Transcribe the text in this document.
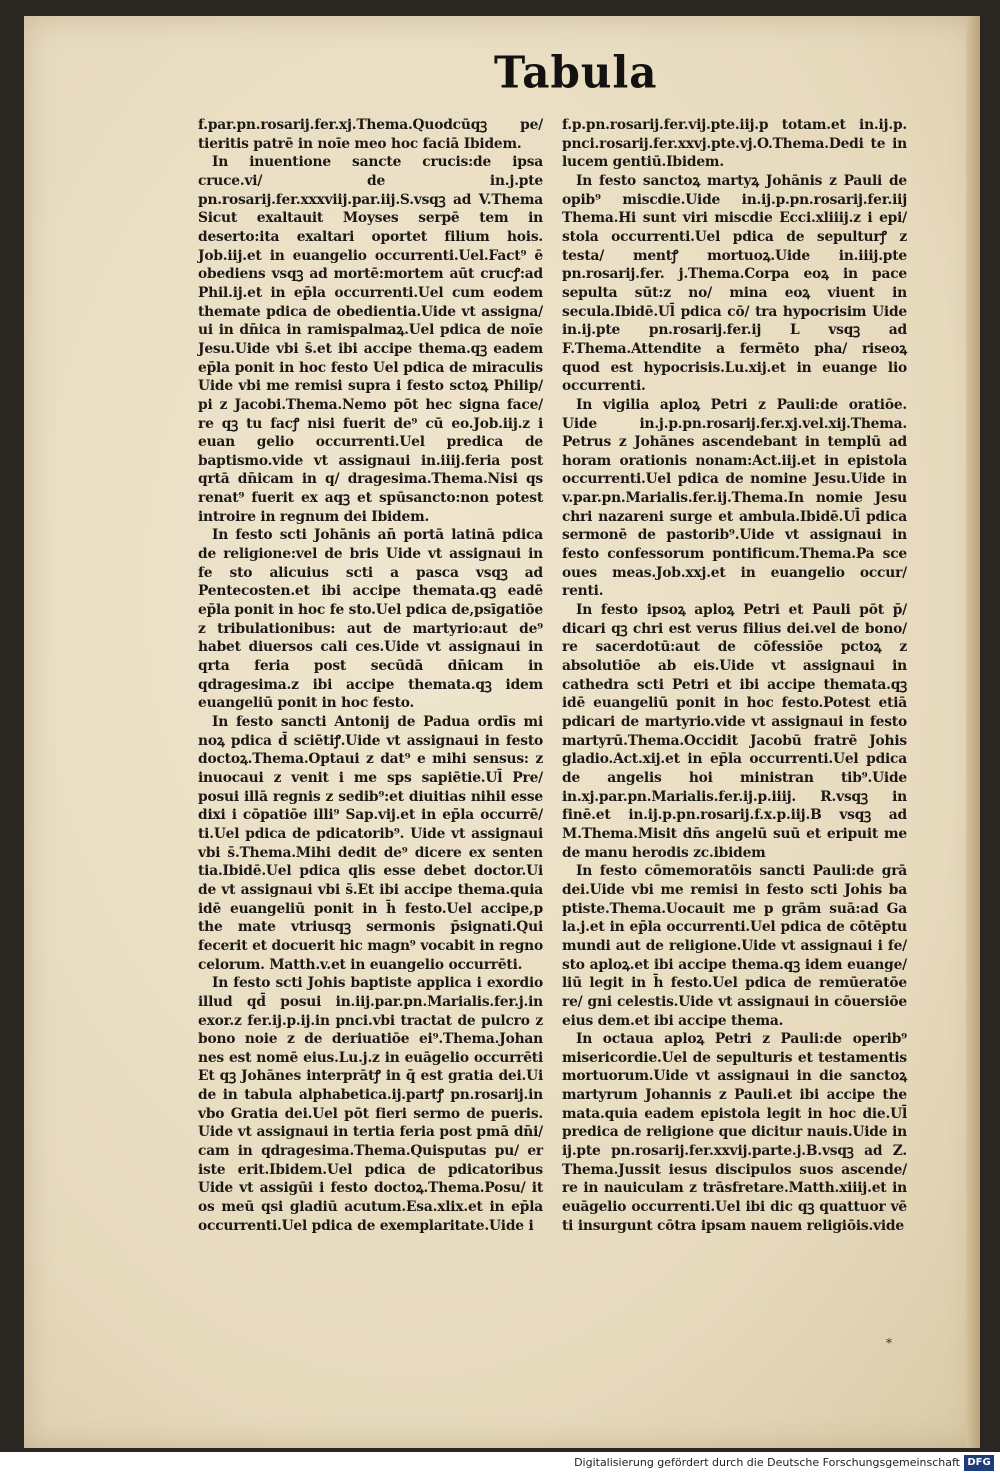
Tabula

f.par.pn.rosarij.fer.xj.Thema.Quodcūqꝫ pe/ tieritis patrē in noīe meo hoc faciā Ibidem.

In inuentione sancte crucis:de ipsa cruce.vi/ de in.j.pte pn.rosarij.fer.xxxviij.par.iij.S.vsqꝫ ad V.Thema Sicut exaltauit Moyses serpē tem in deserto:ita exaltari oportet filium hois. Job.iij.et in euangelio occurrenti.Uel.Fact⁹ ē obediens vsqꝫ ad mortē:mortem aūt crucꝭ:ad Phil.ij.et in ep̄la occurrenti.Uel cum eodem themate pdica de obedientia.Uide vt assigna/ ui in dn̄ica in ramispalmaꝝ.Uel pdica de noīe Jesu.Uide vbi s̄.et ibi accipe thema.qꝫ eadem ep̄la ponit in hoc festo Uel pdica de miraculis Uide vbi me remisi supra i festo sctoꝝ Philip/ pi z Jacobi.Thema.Nemo pōt hec signa face/ re qꝫ tu facꝭ nisi fuerit de⁹ cū eo.Job.iij.z i euan gelio occurrenti.Uel predica de baptismo.vide vt assignaui in.iiij.feria post qrtā dn̄icam in q/ dragesima.Thema.Nisi qs renat⁹ fuerit ex aqꝫ et spūsancto:non potest introire in regnum dei Ibidem.

In festo scti Johānis an̄ portā latinā pdica de religione:vel de bris Uide vt assignaui in fe sto alicuius scti a pasca vsqꝫ ad Pentecosten.et ibi accipe themata.qꝫ eadē ep̄la ponit in hoc fe sto.Uel pdica de,psīgatiōe z tribulationibus: aut de martyrio:aut de⁹ habet diuersos cali ces.Uide vt assignaui in qrta feria post secūdā dn̄icam in qdragesima.z ibi accipe themata.qꝫ idem euangeliū ponit in hoc festo.

In festo sancti Antonij de Padua ordīs mi noꝝ pdica d̄ sciētiꝭ.Uide vt assignaui in festo doctoꝝ.Thema.Optaui z dat⁹ e mihi sensus: z inuocaui z venit i me sps sapiētie.Ul̄ Pre/ posui illā regnis z sedib⁹:et diuitias nihil esse dixi i cōpatiōe illi⁹ Sap.vij.et in ep̄la occurrē/ ti.Uel pdica de pdicatorib⁹. Uide vt assignaui vbi s̄.Thema.Mihi dedit de⁹ dicere ex senten tia.Ibidē.Uel pdica qlis esse debet doctor.Ui de vt assignaui vbi s̄.Et ibi accipe thema.quia idē euangeliū ponit in h̄ festo.Uel accipe,p the mate vtriusqꝫ sermonis p̄signati.Qui fecerit et docuerit hic magn⁹ vocabit in regno celorum. Matth.v.et in euangelio occurrēti.

In festo scti Johis baptiste applica i exordio illud qd̄ posui in.iij.par.pn.Marialis.fer.j.in exor.z fer.ij.p.ij.in pnci.vbi tractat de pulcro z bono noie z de deriuatiōe ei⁹.Thema.Johan nes est nomē eius.Lu.j.z in euāgelio occurrēti Et qꝫ Johānes interprātꝭ in q̄ est gratia dei.Ui de in tabula alphabetica.ij.partꝭ pn.rosarij.in vbo Gratia dei.Uel pōt fieri sermo de pueris. Uide vt assignaui in tertia feria post pmā dn̄i/ cam in qdragesima.Thema.Quisputas pu/ er iste erit.Ibidem.Uel pdica de pdicatoribus Uide vt assigūi i festo doctoꝝ.Thema.Posu/ it os meū qsi gladiū acutum.Esa.xlix.et in ep̄la occurrenti.Uel pdica de exemplaritate.Uide i

f.p.pn.rosarij.fer.vij.pte.iij.p totam.et in.ij.p. pnci.rosarij.fer.xxvj.pte.vj.O.Thema.Dedi te in lucem gentiū.Ibidem.

In festo sanctoꝝ martyꝝ Johānis z Pauli de opib⁹ miscdie.Uide in.ij.p.pn.rosarij.fer.iij Thema.Hi sunt viri miscdie Ecci.xliiij.z i epi/ stola occurrenti.Uel pdica de sepulturꝭ z testa/ mentꝭ mortuoꝝ.Uide in.iiij.pte pn.rosarij.fer. j.Thema.Corpa eoꝝ in pace sepulta sūt:z no/ mina eoꝝ viuent in secula.Ibidē.Ul̄ pdica cō/ tra hypocrisim Uide in.ij.pte pn.rosarij.fer.ij L vsqꝫ ad F.Thema.Attendite a fermēto pha/ riseoꝝ quod est hypocrisis.Lu.xij.et in euange lio occurrenti.

In vigilia aploꝝ Petri z Pauli:de oratiōe. Uide in.j.p.pn.rosarij.fer.xj.vel.xij.Thema. Petrus z Johānes ascendebant in templū ad horam orationis nonam:Act.iij.et in epistola occurrenti.Uel pdica de nomine Jesu.Uide in v.par.pn.Marialis.fer.ij.Thema.In nomie Jesu chri nazareni surge et ambula.Ibidē.Ul̄ pdica sermonē de pastorib⁹.Uide vt assignaui in festo confessorum pontificum.Thema.Pa sce oues meas.Job.xxj.et in euangelio occur/ renti.

In festo ipsoꝝ aploꝝ Petri et Pauli pōt p̄/ dicari qꝫ chri est verus filius dei.vel de bono/ re sacerdotū:aut de cōfessiōe pctoꝝ z absolutiōe ab eis.Uide vt assignaui in cathedra scti Petri et ibi accipe themata.qꝫ idē euangeliū ponit in hoc festo.Potest etiā pdicari de martyrio.vide vt assignaui in festo martyrū.Thema.Occidit Jacobū fratrē Johis gladio.Act.xij.et in ep̄la occurrenti.Uel pdica de angelis hoi ministran tib⁹.Uide in.xj.par.pn.Marialis.fer.ij.p.iiij. R.vsqꝫ in finē.et in.ij.p.pn.rosarij.f.x.p.iij.B vsqꝫ ad M.Thema.Misit dn̄s angelū suū et eripuit me de manu herodis zc.ibidem

In festo cōmemoratōis sancti Pauli:de grā dei.Uide vbi me remisi in festo scti Johis ba ptiste.Thema.Uocauit me p grām suā:ad Ga la.j.et in ep̄la occurrenti.Uel pdica de cōtēptu mundi aut de religione.Uide vt assignaui i fe/ sto aploꝝ.et ibi accipe thema.qꝫ idem euange/ liū legit in h̄ festo.Uel pdica de remūeratōe re/ gni celestis.Uide vt assignaui in cōuersiōe eius dem.et ibi accipe thema.

In octaua aploꝝ Petri z Pauli:de operib⁹ misericordie.Uel de sepulturis et testamentis mortuorum.Uide vt assignaui in die sanctoꝝ martyrum Johannis z Pauli.et ibi accipe the mata.quia eadem epistola legit in hoc die.Ul̄ predica de religione que dicitur nauis.Uide in ij.pte pn.rosarij.fer.xxvij.parte.j.B.vsqꝫ ad Z. Thema.Jussit iesus discipulos suos ascende/ re in nauiculam z trāsfretare.Matth.xiiij.et in euāgelio occurrenti.Uel ibi dic qꝫ quattuor vē ti insurgunt cōtra ipsam nauem religiōis.vide

*
Digitalisierung gefördert durch die Deutsche Forschungsgemeinschaft DFG
